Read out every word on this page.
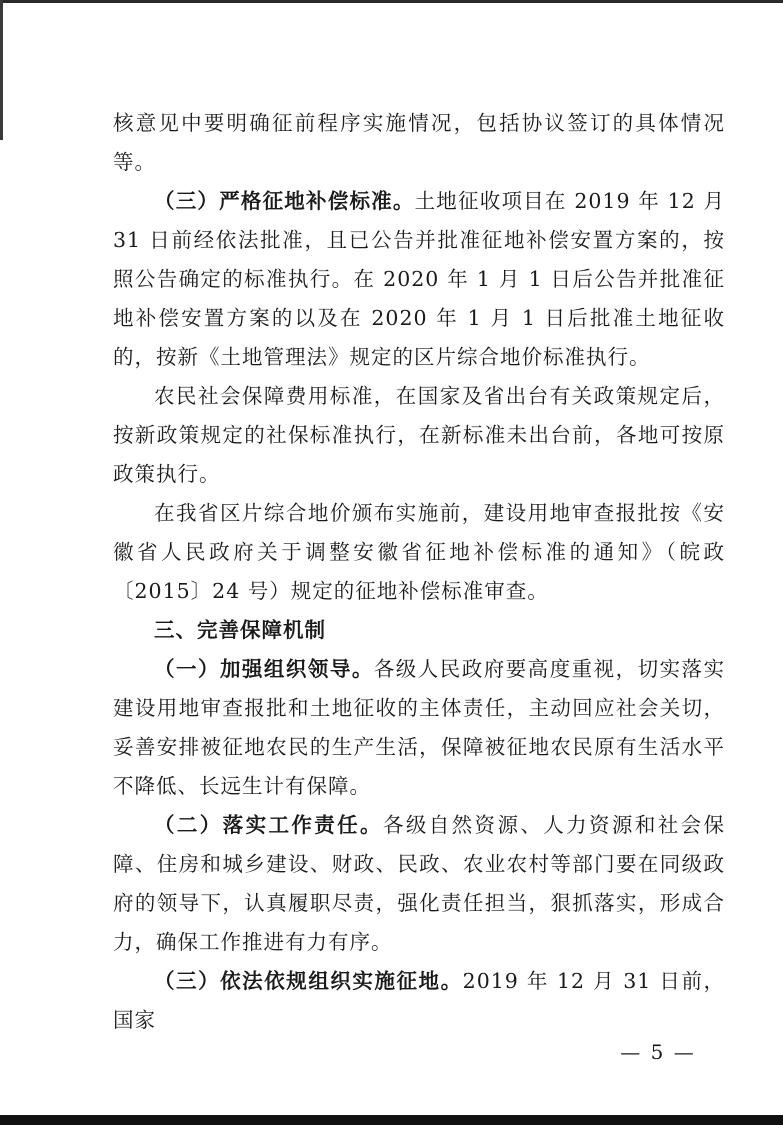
核意见中要明确征前程序实施情况，包括协议签订的具体情况等。

（三）严格征地补偿标准。土地征收项目在 2019 年 12 月 31 日前经依法批准，且已公告并批准征地补偿安置方案的，按照公告确定的标准执行。在 2020 年 1 月 1 日后公告并批准征地补偿安置方案的以及在 2020 年 1 月 1 日后批准土地征收的，按新《土地管理法》规定的区片综合地价标准执行。

农民社会保障费用标准，在国家及省出台有关政策规定后，按新政策规定的社保标准执行，在新标准未出台前，各地可按原政策执行。

在我省区片综合地价颁布实施前，建设用地审查报批按《安徽省人民政府关于调整安徽省征地补偿标准的通知》（皖政〔2015〕24 号）规定的征地补偿标准审查。

三、完善保障机制

（一）加强组织领导。各级人民政府要高度重视，切实落实建设用地审查报批和土地征收的主体责任，主动回应社会关切，妥善安排被征地农民的生产生活，保障被征地农民原有生活水平不降低、长远生计有保障。

（二）落实工作责任。各级自然资源、人力资源和社会保障、住房和城乡建设、财政、民政、农业农村等部门要在同级政府的领导下，认真履职尽责，强化责任担当，狠抓落实，形成合力，确保工作推进有力有序。

（三）依法依规组织实施征地。2019 年 12 月 31 日前，国家

— 5 —
